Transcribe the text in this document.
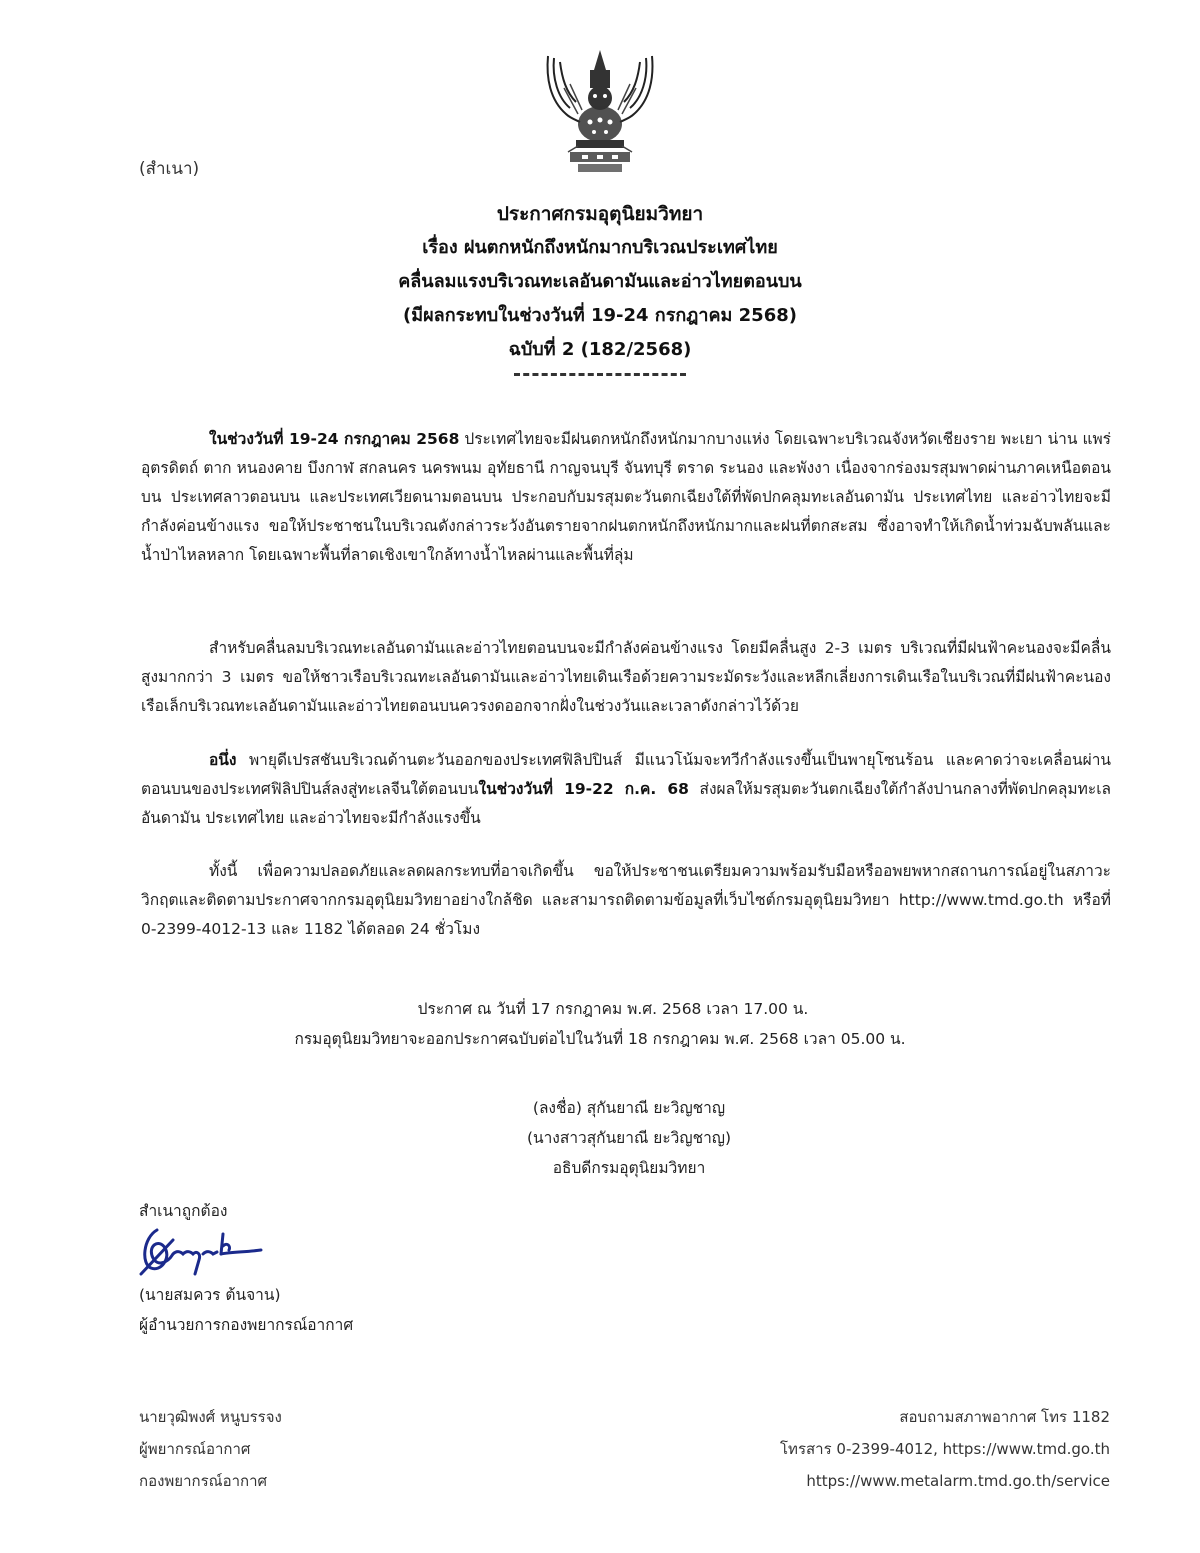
(สำเนา)
ประกาศกรมอุตุนิยมวิทยา
เรื่อง ฝนตกหนักถึงหนักมากบริเวณประเทศไทย
คลื่นลมแรงบริเวณทะเลอันดามันและอ่าวไทยตอนบน
(มีผลกระทบในช่วงวันที่ 19-24 กรกฎาคม 2568)
ฉบับที่ 2 (182/2568)
ในช่วงวันที่ 19-24 กรกฎาคม 2568 ประเทศไทยจะมีฝนตกหนักถึงหนักมากบางแห่ง โดยเฉพาะบริเวณจังหวัดเชียงราย พะเยา น่าน แพร่ อุตรดิตถ์ ตาก หนองคาย บึงกาฬ สกลนคร นครพนม อุทัยธานี กาญจนบุรี จันทบุรี ตราด ระนอง และพังงา เนื่องจากร่องมรสุมพาดผ่านภาคเหนือตอนบน ประเทศลาวตอนบน และประเทศเวียดนามตอนบน ประกอบกับมรสุมตะวันตกเฉียงใต้ที่พัดปกคลุมทะเลอันดามัน ประเทศไทย และอ่าวไทยจะมีกำลังค่อนข้างแรง ขอให้ประชาชนในบริเวณดังกล่าวระวังอันตรายจากฝนตกหนักถึงหนักมากและฝนที่ตกสะสม ซึ่งอาจทำให้เกิดน้ำท่วมฉับพลันและน้ำป่าไหลหลาก โดยเฉพาะพื้นที่ลาดเชิงเขาใกล้ทางน้ำไหลผ่านและพื้นที่ลุ่ม
สำหรับคลื่นลมบริเวณทะเลอันดามันและอ่าวไทยตอนบนจะมีกำลังค่อนข้างแรง โดยมีคลื่นสูง 2-3 เมตร บริเวณที่มีฝนฟ้าคะนองจะมีคลื่นสูงมากกว่า 3 เมตร ขอให้ชาวเรือบริเวณทะเลอันดามันและอ่าวไทยเดินเรือด้วยความระมัดระวังและหลีกเลี่ยงการเดินเรือในบริเวณที่มีฝนฟ้าคะนอง เรือเล็กบริเวณทะเลอันดามันและอ่าวไทยตอนบนควรงดออกจากฝั่งในช่วงวันและเวลาดังกล่าวไว้ด้วย
อนึ่ง พายุดีเปรสชันบริเวณด้านตะวันออกของประเทศฟิลิปปินส์ มีแนวโน้มจะทวีกำลังแรงขึ้นเป็นพายุโซนร้อน และคาดว่าจะเคลื่อนผ่านตอนบนของประเทศฟิลิปปินส์ลงสู่ทะเลจีนใต้ตอนบนในช่วงวันที่ 19-22 ก.ค. 68 ส่งผลให้มรสุมตะวันตกเฉียงใต้กำลังปานกลางที่พัดปกคลุมทะเลอันดามัน ประเทศไทย และอ่าวไทยจะมีกำลังแรงขึ้น
ทั้งนี้ เพื่อความปลอดภัยและลดผลกระทบที่อาจเกิดขึ้น ขอให้ประชาชนเตรียมความพร้อมรับมือหรืออพยพหากสถานการณ์อยู่ในสภาวะวิกฤตและติดตามประกาศจากกรมอุตุนิยมวิทยาอย่างใกล้ชิด และสามารถติดตามข้อมูลที่เว็บไซต์กรมอุตุนิยมวิทยา http://www.tmd.go.th หรือที่ 0-2399-4012-13 และ 1182 ได้ตลอด 24 ชั่วโมง
ประกาศ ณ วันที่ 17 กรกฎาคม พ.ศ. 2568 เวลา 17.00 น.
กรมอุตุนิยมวิทยาจะออกประกาศฉบับต่อไปในวันที่ 18 กรกฎาคม พ.ศ. 2568 เวลา 05.00 น.
(ลงชื่อ) สุกันยาณี ยะวิญชาญ
(นางสาวสุกันยาณี ยะวิญชาญ)
อธิบดีกรมอุตุนิยมวิทยา
สำเนาถูกต้อง
(นายสมควร ต้นจาน)
ผู้อำนวยการกองพยากรณ์อากาศ
นายวุฒิพงศ์ หนูบรรจง
ผู้พยากรณ์อากาศ
กองพยากรณ์อากาศ
สอบถามสภาพอากาศ โทร 1182
โทรสาร 0-2399-4012, https://www.tmd.go.th
https://www.metalarm.tmd.go.th/service
